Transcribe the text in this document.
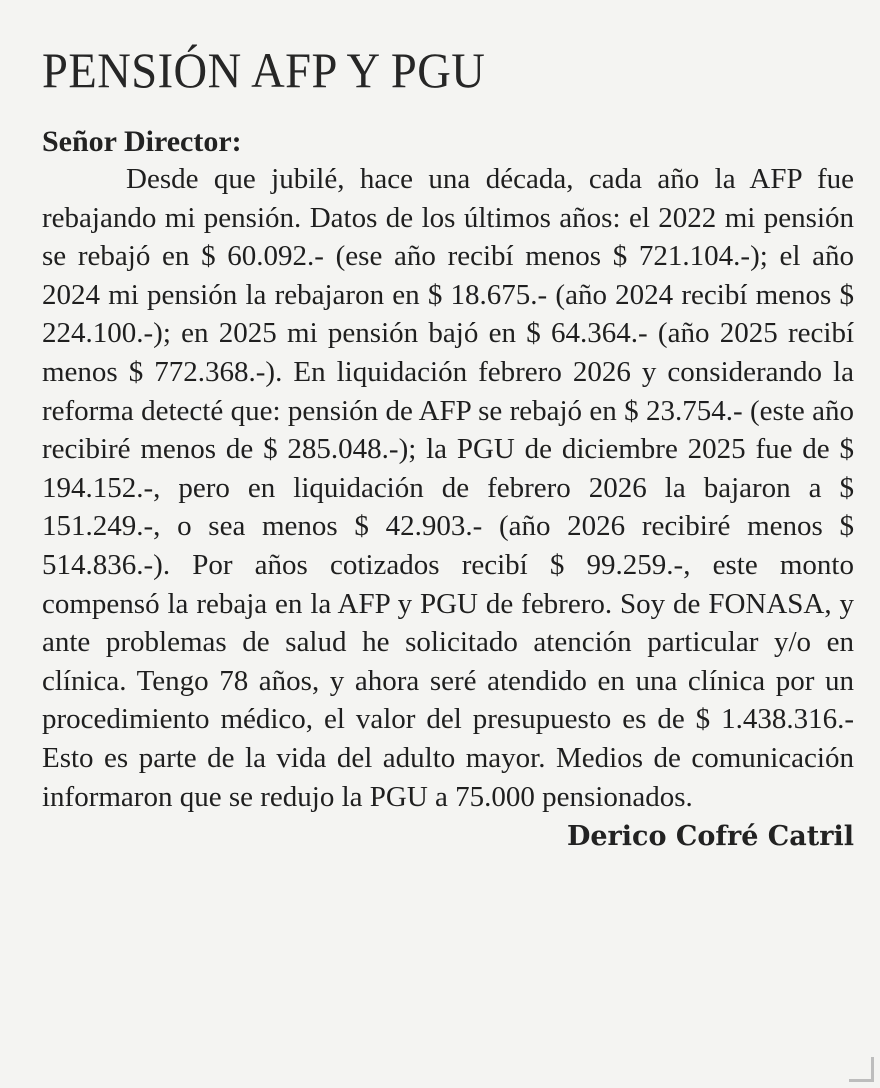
PENSIÓN AFP Y PGU

Señor Director:

Desde que jubilé, hace una década, cada año la AFP fue rebajando mi pensión. Datos de los últimos años: el 2022 mi pensión se rebajó en $ 60.092.- (ese año recibí menos $ 721.104.-); el año 2024 mi pensión la rebajaron en $ 18.675.- (año 2024 recibí menos $ 224.100.-); en 2025 mi pensión bajó en $ 64.364.- (año 2025 recibí menos $ 772.368.-). En liquidación febrero 2026 y considerando la reforma detecté que: pensión de AFP se rebajó en $ 23.754.- (este año recibiré menos de $ 285.048.-); la PGU de diciembre 2025 fue de $ 194.152.-, pero en liquidación de febrero 2026 la bajaron a $ 151.249.-, o sea menos $ 42.903.- (año 2026 recibiré menos $ 514.836.-). Por años cotizados recibí $ 99.259.-, este monto compensó la rebaja en la AFP y PGU de febrero. Soy de FONASA, y ante problemas de salud he solicitado atención particular y/o en clínica. Tengo 78 años, y ahora seré atendido en una clínica por un procedimiento médico, el valor del presupuesto es de $ 1.438.316.- Esto es parte de la vida del adulto mayor. Medios de comunicación informaron que se redujo la PGU a 75.000 pensionados.

Derico Cofré Catril
